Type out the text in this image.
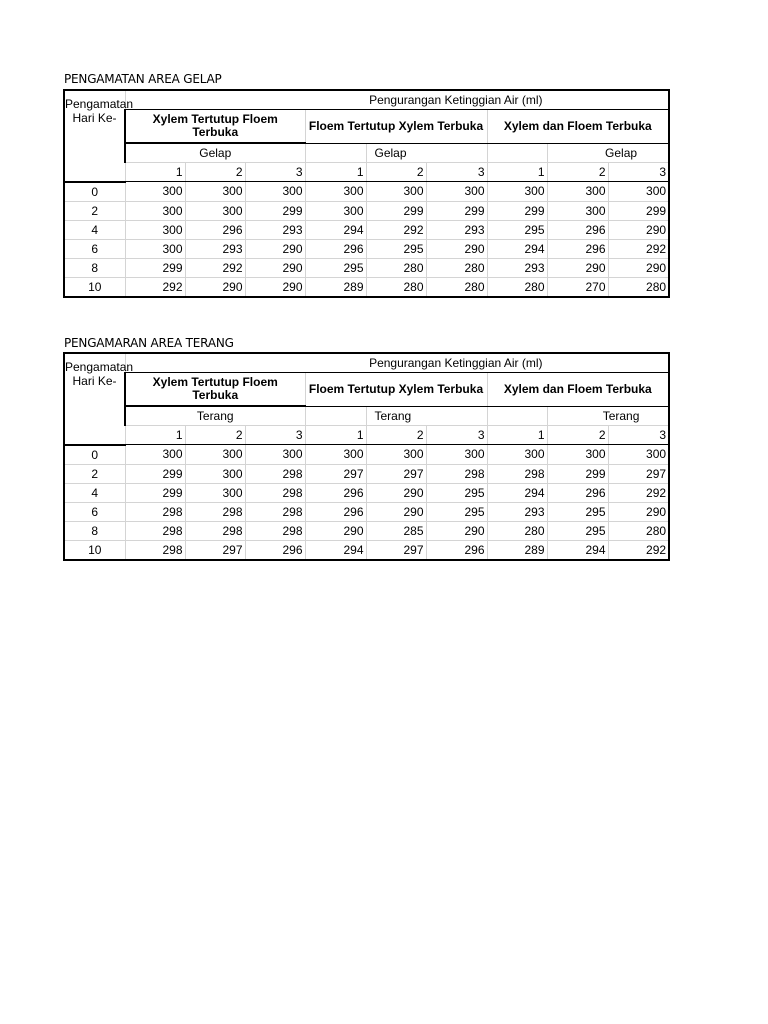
PENGAMATAN AREA GELAP
Pengamatan Hari Ke-	Pengurangan Ketinggian Air (ml)									
	Xylem Tertutup Floem Terbuka			Floem Tertutup Xylem Terbuka			Xylem dan Floem Terbuka			
	Gelap				Gelap			Gelap		
	1	2	3	1	2	3	1	2	3	
0	300	300	300	300	300	300	300	300	300	
2	300	300	299	300	299	299	299	300	299	
4	300	296	293	294	292	293	295	296	290	
6	300	293	290	296	295	290	294	296	292	
8	299	292	290	295	280	280	293	290	290	
10	292	290	290	289	280	280	280	270	280	
PENGAMARAN AREA TERANG
Pengamatan Hari Ke-	Pengurangan Ketinggian Air (ml)									
	Xylem Tertutup Floem Terbuka			Floem Tertutup Xylem Terbuka			Xylem dan Floem Terbuka			
	Terang				Terang			Terang		
	1	2	3	1	2	3	1	2	3	
0	300	300	300	300	300	300	300	300	300	
2	299	300	298	297	297	298	298	299	297	
4	299	300	298	296	290	295	294	296	292	
6	298	298	298	296	290	295	293	295	290	
8	298	298	298	290	285	290	280	295	280	
10	298	297	296	294	297	296	289	294	292	
